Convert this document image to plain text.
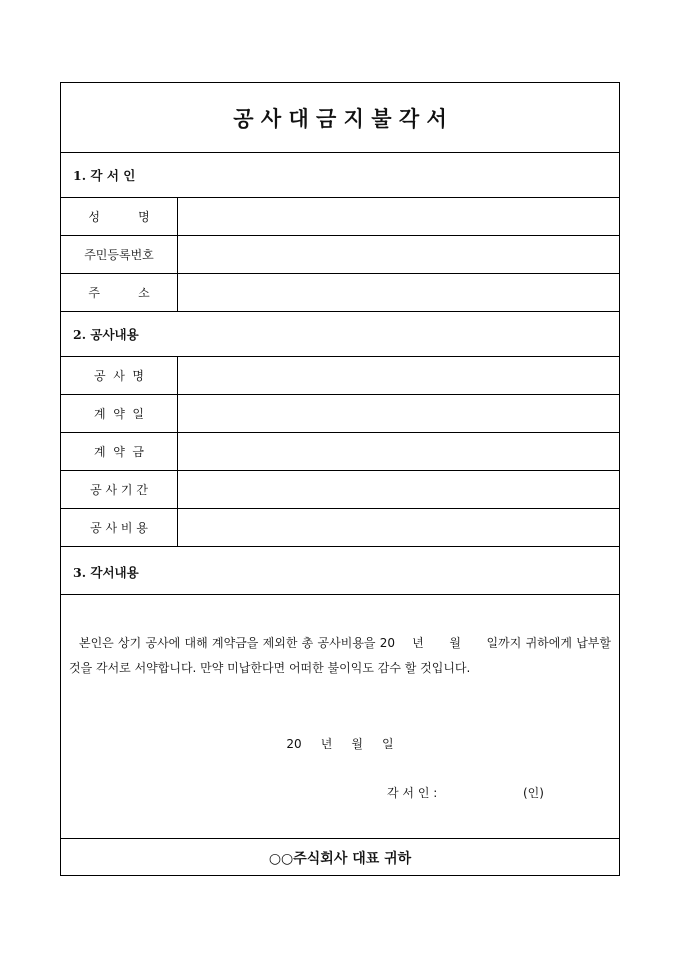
공 사 대 금 지 불 각 서
1. 각 서 인
성          명
주민등록번호
주          소
2. 공사내용
공  사  명
계  약  일
계  약  금
공 사 기 간
공 사 비 용
3. 각서내용

본인은 상기 공사에 대해 계약금을 제외한 총 공사비용을 20    년      월      일까지 귀하에게 납부할 것을 각서로 서약합니다. 만약 미납한다면 어떠한 불이익도 감수 할 것입니다.

20     년     월     일
각 서 인 :	(인)
○○주식회사 대표 귀하
